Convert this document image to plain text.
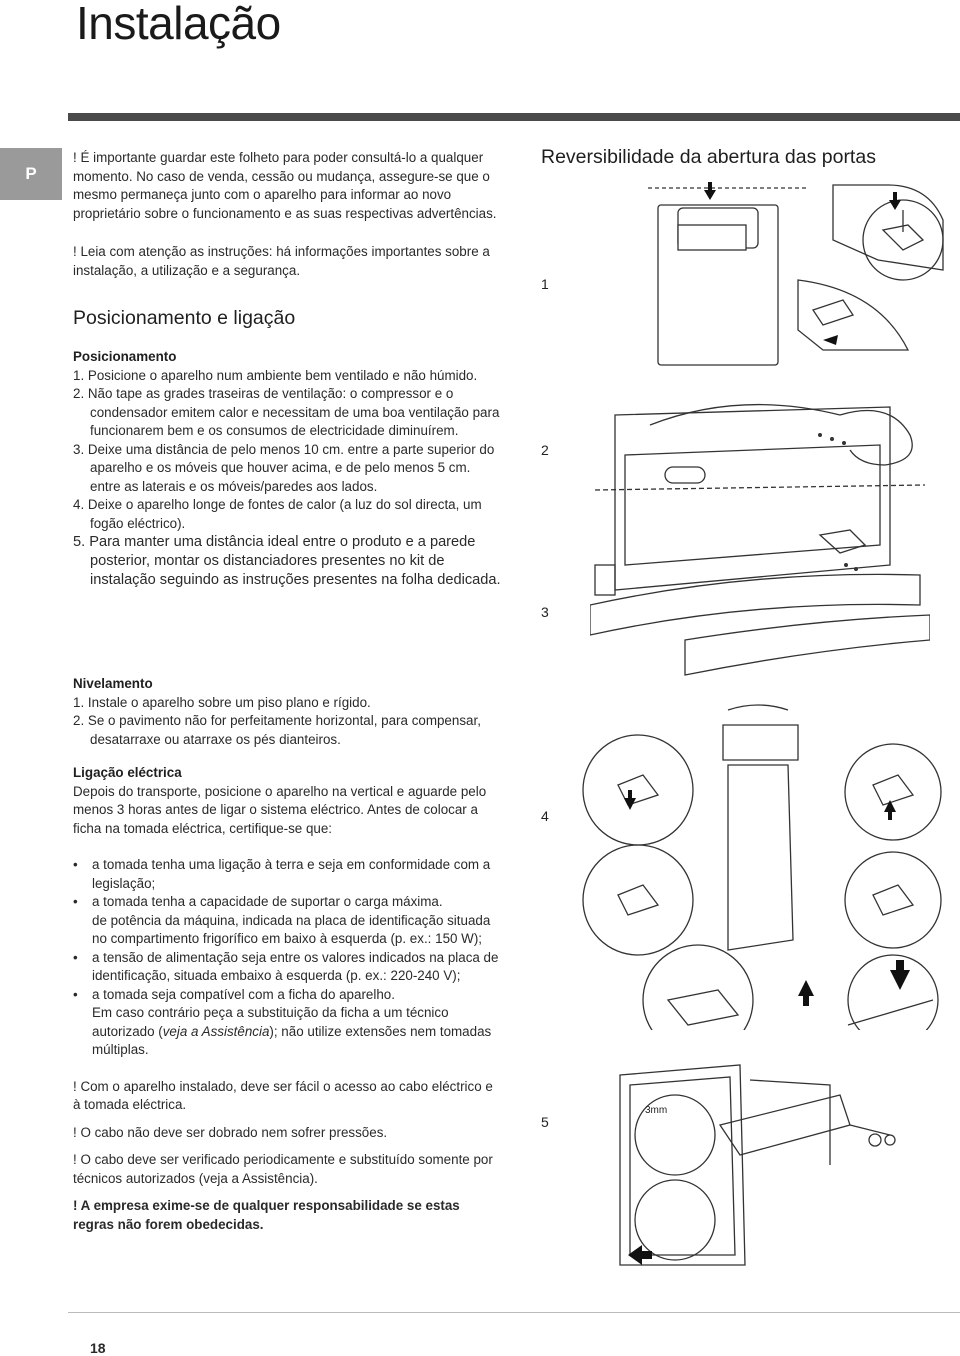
Instalação
P

! É importante guardar este folheto para poder consultá-lo a qualquer momento. No caso de venda, cessão ou mudança, assegure-se que o mesmo permaneça junto com o aparelho para informar ao novo proprietário sobre o funcionamento e as suas respectivas advertências.

! Leia com atenção as instruções: há informações importantes sobre a instalação, a utilização e a segurança.

Posicionamento e ligação
Posicionamento

1. Posicione o aparelho num ambiente bem ventilado e não húmido.

2. Não tape as grades traseiras de ventilação: o compressor e o condensador emitem calor e necessitam de uma boa ventilação para funcionarem bem e os consumos de electricidade diminuírem.

3. Deixe uma distância de pelo menos 10 cm. entre a parte superior do aparelho e os móveis que houver acima, e de pelo menos 5 cm. entre as laterais e os móveis/paredes aos lados.

4. Deixe o aparelho longe de fontes de calor (a luz do sol directa, um fogão eléctrico).

5. Para manter uma distância ideal entre o produto e a parede posterior, montar os distanciadores presentes no kit de instalação seguindo as instruções presentes na folha dedicada.

Nivelamento

1. Instale o aparelho sobre um piso plano e rígido.

2. Se o pavimento não for perfeitamente horizontal, para compensar, desatarraxe ou atarraxe os pés dianteiros.

Ligação eléctrica

Depois do transporte, posicione o aparelho na vertical e aguarde pelo menos 3 horas antes de ligar o sistema eléctrico. Antes de colocar a ficha na tomada eléctrica, certifique-se que:

• a tomada tenha uma ligação à terra e seja em conformidade com a legislação;
• a tomada tenha a capacidade de suportar o carga máxima.
de potência da máquina, indicada na placa de identificação situada no compartimento frigorífico em baixo à esquerda (p. ex.: 150 W);
• a tensão de alimentação seja entre os valores indicados na placa de identificação, situada embaixo à esquerda (p. ex.: 220-240 V);
• a tomada seja compatível com a ficha do aparelho.
Em caso contrário peça a substituição da ficha a um técnico autorizado (veja a Assistência); não utilize extensões nem tomadas múltiplas.

! Com o aparelho instalado, deve ser fácil o acesso ao cabo eléctrico e à tomada eléctrica.

! O cabo não deve ser dobrado nem sofrer pressões.

! O cabo deve ser verificado periodicamente e substituído somente por técnicos autorizados (veja a Assistência).

! A empresa exime-se de qualquer responsabilidade se estas regras não forem obedecidas.

Reversibilidade da abertura das portas
1
2
3
4
5
3mm
18
